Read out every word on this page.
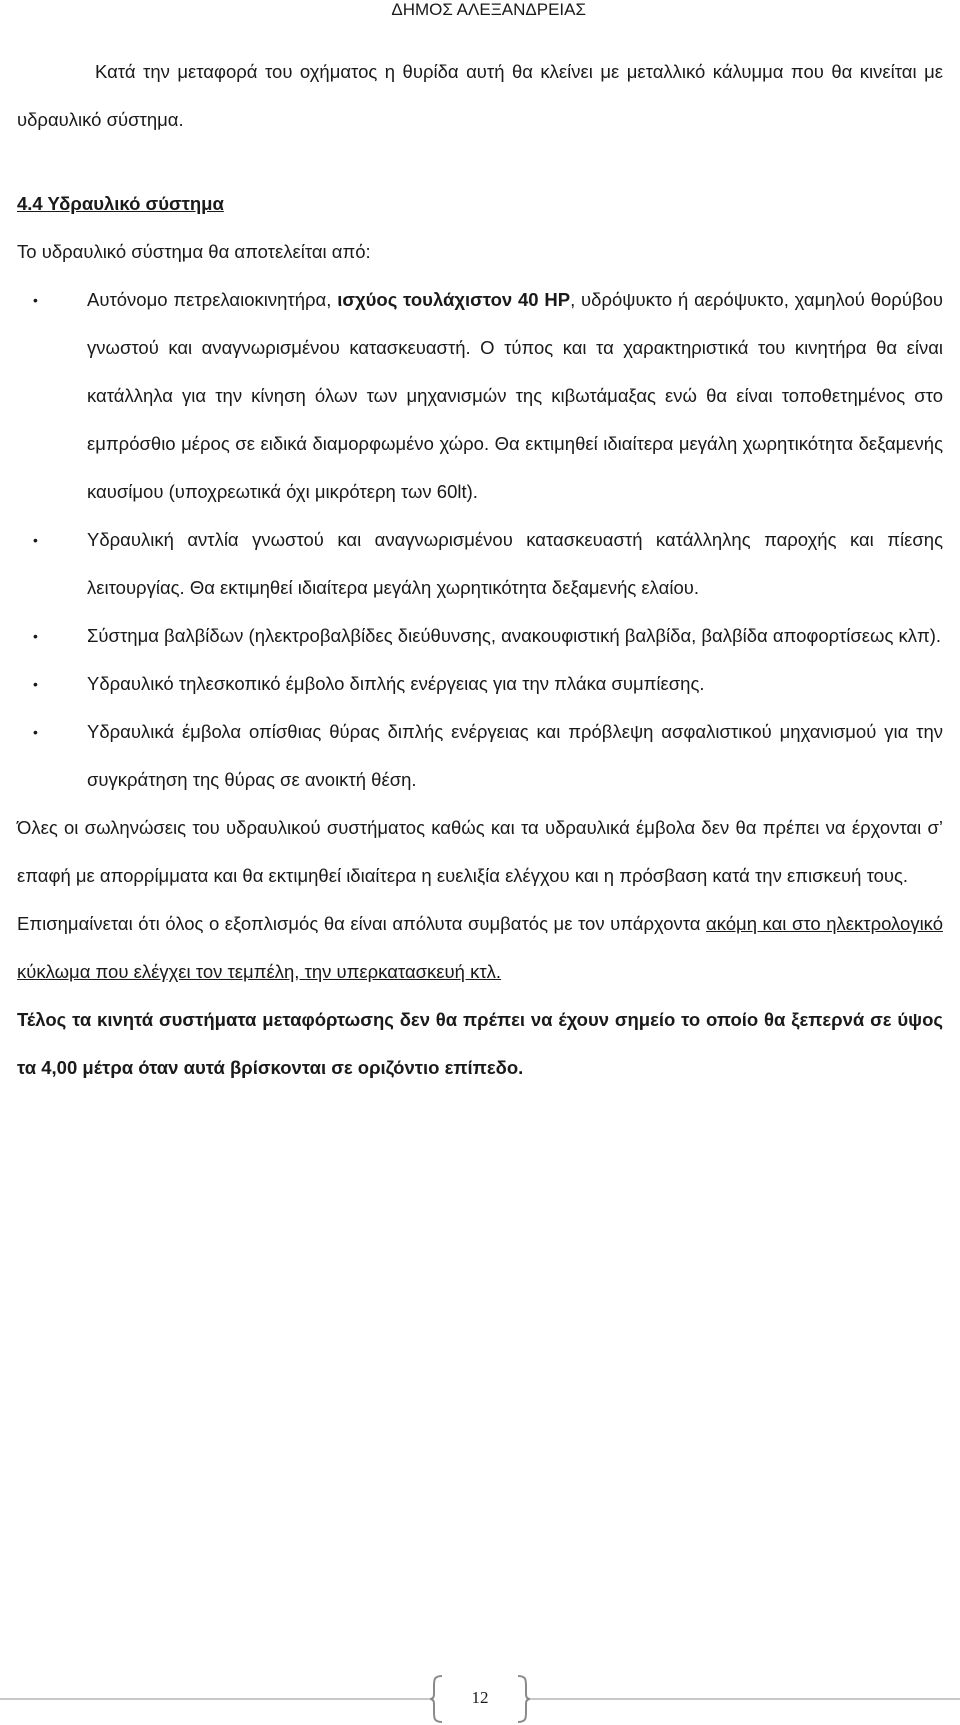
ΔΗΜΟΣ ΑΛΕΞΑΝΔΡΕΙΑΣ

Κατά την μεταφορά του οχήματος η θυρίδα αυτή θα κλείνει με μεταλλικό κάλυμμα που θα κινείται με υδραυλικό σύστημα.

4.4 Υδραυλικό σύστημα

Το υδραυλικό σύστημα θα αποτελείται από:

•	Αυτόνομο πετρελαιοκινητήρα, ισχύος τουλάχιστον 40 HP, υδρόψυκτο ή αερόψυκτο, χαμηλού θορύβου γνωστού και αναγνωρισμένου κατασκευαστή. Ο τύπος και τα χαρακτηριστικά του κινητήρα θα είναι κατάλληλα για την κίνηση όλων των μηχανισμών της κιβωτάμαξας ενώ θα είναι τοποθετημένος στο εμπρόσθιο μέρος σε ειδικά διαμορφωμένο χώρο. Θα εκτιμηθεί ιδιαίτερα μεγάλη χωρητικότητα δεξαμενής καυσίμου (υποχρεωτικά όχι μικρότερη των 60lt).
•	Υδραυλική αντλία γνωστού και αναγνωρισμένου κατασκευαστή κατάλληλης παροχής και πίεσης λειτουργίας. Θα εκτιμηθεί ιδιαίτερα μεγάλη χωρητικότητα δεξαμενής ελαίου.
•	Σύστημα βαλβίδων (ηλεκτροβαλβίδες διεύθυνσης, ανακουφιστική βαλβίδα, βαλβίδα αποφορτίσεως κλπ).
•	Υδραυλικό τηλεσκοπικό έμβολο διπλής ενέργειας για την πλάκα συμπίεσης.
•	Υδραυλικά έμβολα οπίσθιας θύρας διπλής ενέργειας και πρόβλεψη ασφαλιστικού μηχανισμού για την συγκράτηση της θύρας σε ανοικτή θέση.

Όλες οι σωληνώσεις του υδραυλικού συστήματος καθώς και τα υδραυλικά έμβολα δεν θα πρέπει να έρχονται σ’ επαφή με απορρίμματα και θα εκτιμηθεί ιδιαίτερα η ευελιξία ελέγχου και η πρόσβαση κατά την επισκευή τους.

Επισημαίνεται ότι όλος ο εξοπλισμός θα είναι απόλυτα συμβατός με τον υπάρχοντα ακόμη και στο ηλεκτρολογικό κύκλωμα που ελέγχει τον τεμπέλη, την υπερκατασκευή κτλ.

Τέλος τα κινητά συστήματα μεταφόρτωσης δεν θα πρέπει να έχουν σημείο το οποίο θα ξεπερνά σε ύψος τα 4,00 μέτρα όταν αυτά βρίσκονται σε οριζόντιο επίπεδο.

12
